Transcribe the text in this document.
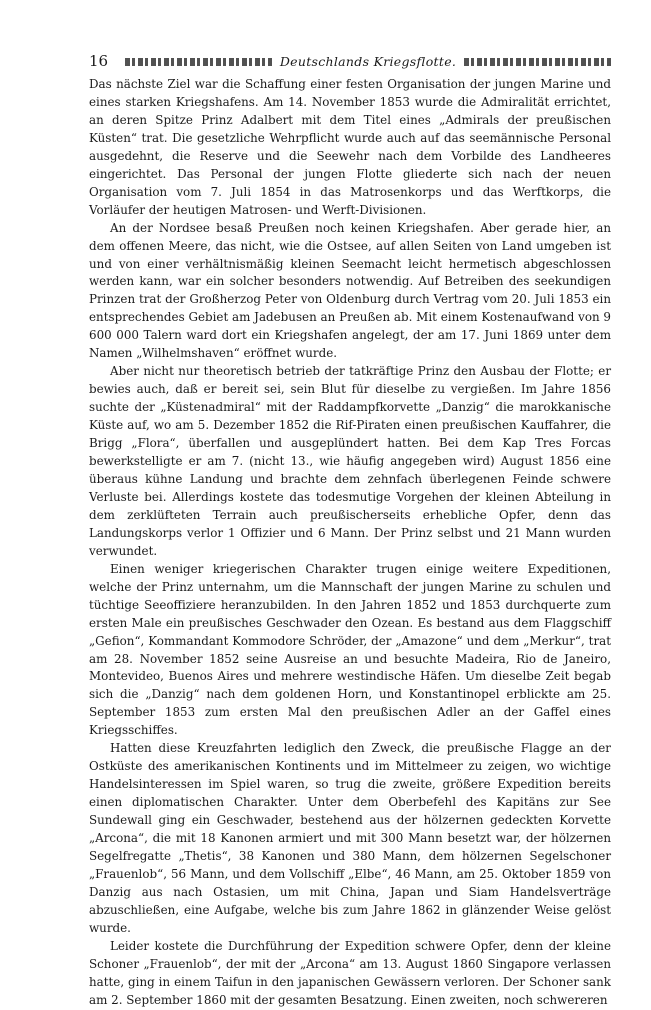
16	Deutschlands Kriegsflotte.

Das nächste Ziel war die Schaffung einer festen Organisation der jungen Marine und eines starken Kriegshafens. Am 14. November 1853 wurde die Admiralität errichtet, an deren Spitze Prinz Adalbert mit dem Titel eines „Admirals der preußischen Küsten“ trat. Die gesetzliche Wehrpflicht wurde auch auf das seemännische Personal ausgedehnt, die Reserve und die Seewehr nach dem Vorbilde des Landheeres eingerichtet. Das Personal der jungen Flotte gliederte sich nach der neuen Organisation vom 7. Juli 1854 in das Matrosenkorps und das Werftkorps, die Vorläufer der heutigen Matrosen- und Werft-Divisionen.

An der Nordsee besaß Preußen noch keinen Kriegshafen. Aber gerade hier, an dem offenen Meere, das nicht, wie die Ostsee, auf allen Seiten von Land umgeben ist und von einer verhältnismäßig kleinen Seemacht leicht hermetisch abgeschlossen werden kann, war ein solcher besonders notwendig. Auf Betreiben des seekundigen Prinzen trat der Großherzog Peter von Oldenburg durch Vertrag vom 20. Juli 1853 ein entsprechendes Gebiet am Jadebusen an Preußen ab. Mit einem Kostenaufwand von 9 600 000 Talern ward dort ein Kriegshafen angelegt, der am 17. Juni 1869 unter dem Namen „Wilhelmshaven“ eröffnet wurde.

Aber nicht nur theoretisch betrieb der tatkräftige Prinz den Ausbau der Flotte; er bewies auch, daß er bereit sei, sein Blut für dieselbe zu vergießen. Im Jahre 1856 suchte der „Küstenadmiral“ mit der Raddampfkorvette „Danzig“ die marokkanische Küste auf, wo am 5. Dezember 1852 die Rif-Piraten einen preußischen Kauffahrer, die Brigg „Flora“, überfallen und ausgeplündert hatten. Bei dem Kap Tres Forcas bewerkstelligte er am 7. (nicht 13., wie häufig angegeben wird) August 1856 eine überaus kühne Landung und brachte dem zehnfach überlegenen Feinde schwere Verluste bei. Allerdings kostete das todesmutige Vorgehen der kleinen Abteilung in dem zerklüfteten Terrain auch preußischerseits erhebliche Opfer, denn das Landungskorps verlor 1 Offizier und 6 Mann. Der Prinz selbst und 21 Mann wurden verwundet.

Einen weniger kriegerischen Charakter trugen einige weitere Expeditionen, welche der Prinz unternahm, um die Mannschaft der jungen Marine zu schulen und tüchtige Seeoffiziere heranzubilden. In den Jahren 1852 und 1853 durchquerte zum ersten Male ein preußisches Geschwader den Ozean. Es bestand aus dem Flaggschiff „Gefion“, Kommandant Kommodore Schröder, der „Amazone“ und dem „Merkur“, trat am 28. November 1852 seine Ausreise an und besuchte Madeira, Rio de Janeiro, Montevideo, Buenos Aires und mehrere westindische Häfen. Um dieselbe Zeit begab sich die „Danzig“ nach dem goldenen Horn, und Konstantinopel erblickte am 25. September 1853 zum ersten Mal den preußischen Adler an der Gaffel eines Kriegsschiffes.

Hatten diese Kreuzfahrten lediglich den Zweck, die preußische Flagge an der Ostküste des amerikanischen Kontinents und im Mittelmeer zu zeigen, wo wichtige Handelsinteressen im Spiel waren, so trug die zweite, größere Expedition bereits einen diplomatischen Charakter. Unter dem Oberbefehl des Kapitäns zur See Sundewall ging ein Geschwader, bestehend aus der hölzernen gedeckten Korvette „Arcona“, die mit 18 Kanonen armiert und mit 300 Mann besetzt war, der hölzernen Segelfregatte „Thetis“, 38 Kanonen und 380 Mann, dem hölzernen Segelschoner „Frauenlob“, 56 Mann, und dem Vollschiff „Elbe“, 46 Mann, am 25. Oktober 1859 von Danzig aus nach Ostasien, um mit China, Japan und Siam Handelsverträge abzuschließen, eine Aufgabe, welche bis zum Jahre 1862 in glänzender Weise gelöst wurde.

Leider kostete die Durchführung der Expedition schwere Opfer, denn der kleine Schoner „Frauenlob“, der mit der „Arcona“ am 13. August 1860 Singapore verlassen hatte, ging in einem Taifun in den japanischen Gewässern verloren. Der Schoner sank am 2. September 1860 mit der gesamten Besatzung. Einen zweiten, noch schwereren
